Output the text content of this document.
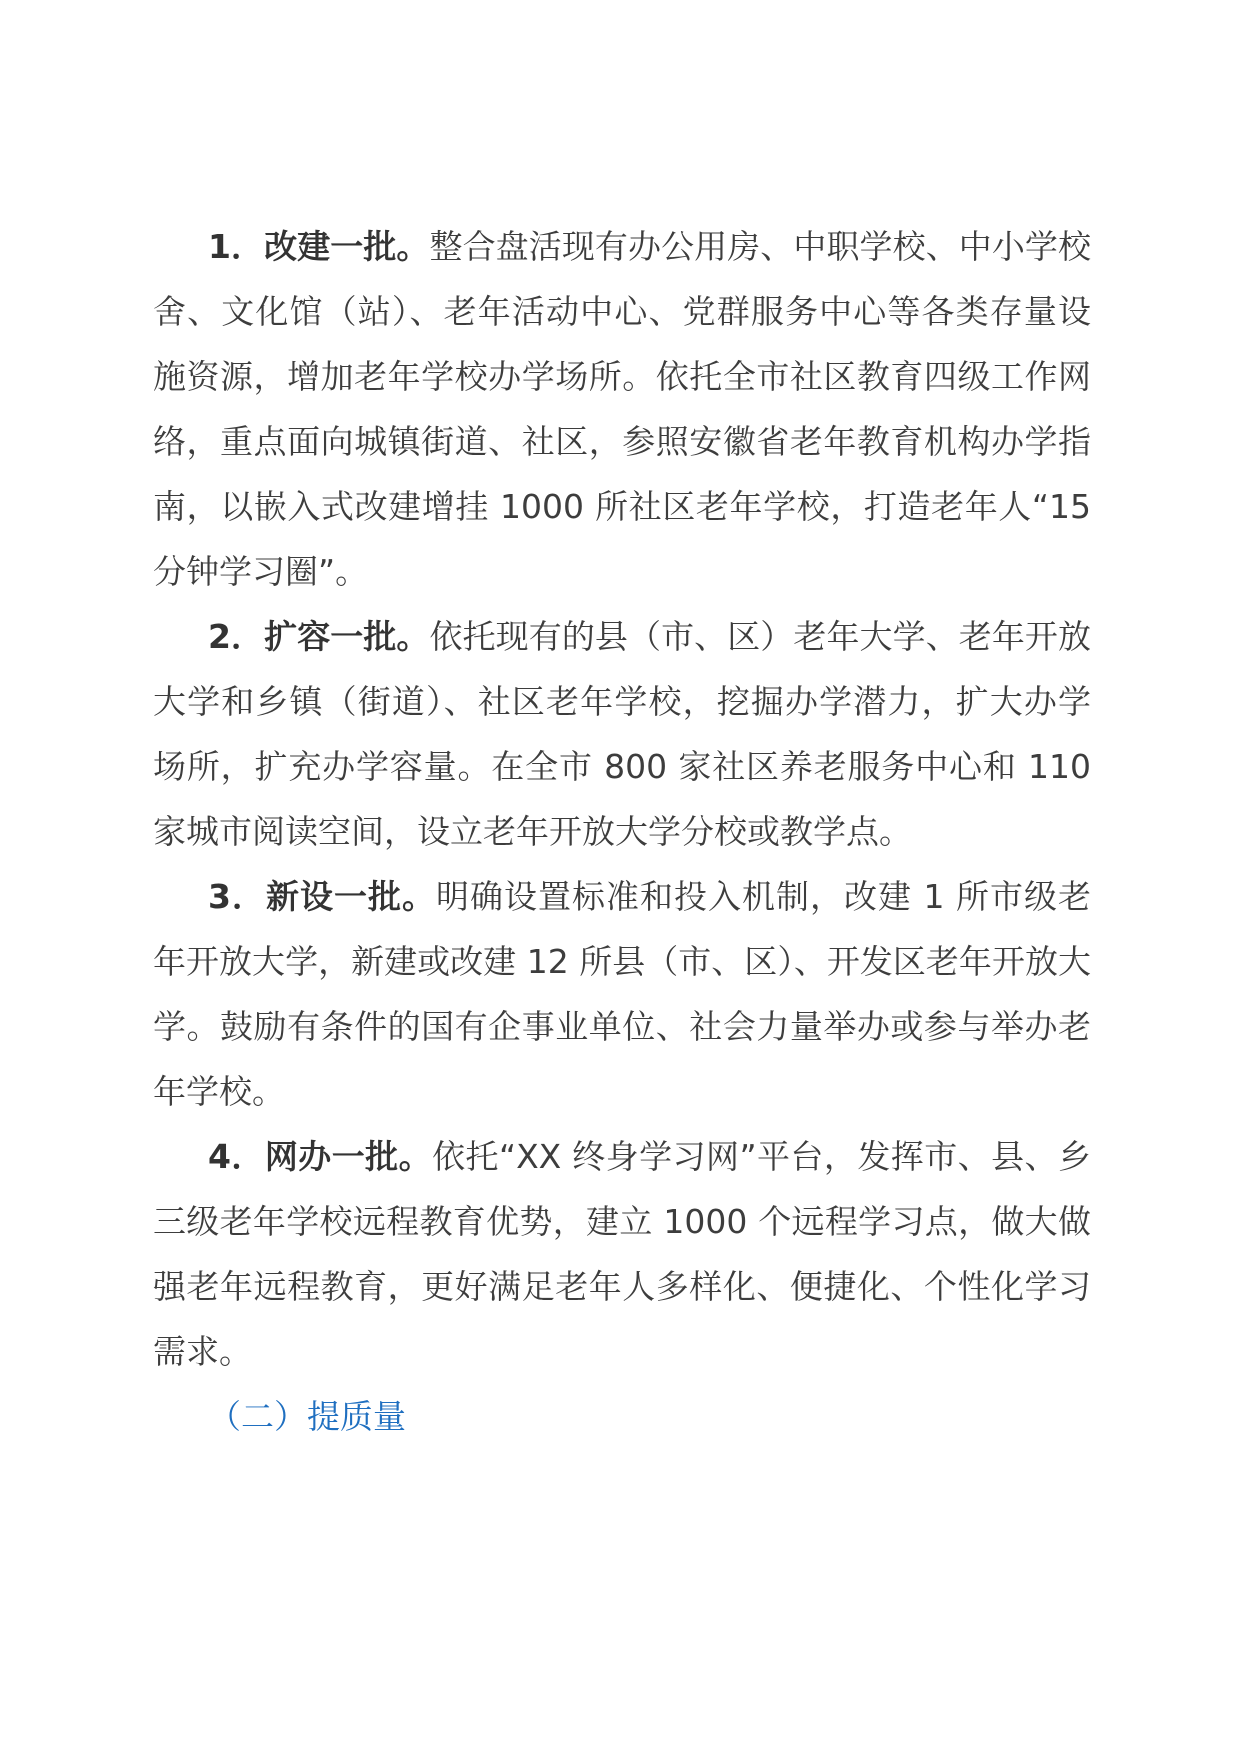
1．改建一批。整合盘活现有办公用房、中职学校、中小学校舍、文化馆（站）、老年活动中心、党群服务中心等各类存量设施资源，增加老年学校办学场所。依托全市社区教育四级工作网络，重点面向城镇街道、社区，参照安徽省老年教育机构办学指南，以嵌入式改建增挂 1000 所社区老年学校，打造老年人“15 分钟学习圈”。

2．扩容一批。依托现有的县（市、区）老年大学、老年开放大学和乡镇（街道）、社区老年学校，挖掘办学潜力，扩大办学场所，扩充办学容量。在全市 800 家社区养老服务中心和 110 家城市阅读空间，设立老年开放大学分校或教学点。

3．新设一批。明确设置标准和投入机制，改建 1 所市级老年开放大学，新建或改建 12 所县（市、区）、开发区老年开放大学。鼓励有条件的国有企事业单位、社会力量举办或参与举办老年学校。

4．网办一批。依托“XX 终身学习网”平台，发挥市、县、乡三级老年学校远程教育优势，建立 1000 个远程学习点，做大做强老年远程教育，更好满足老年人多样化、便捷化、个性化学习需求。

（二）提质量
